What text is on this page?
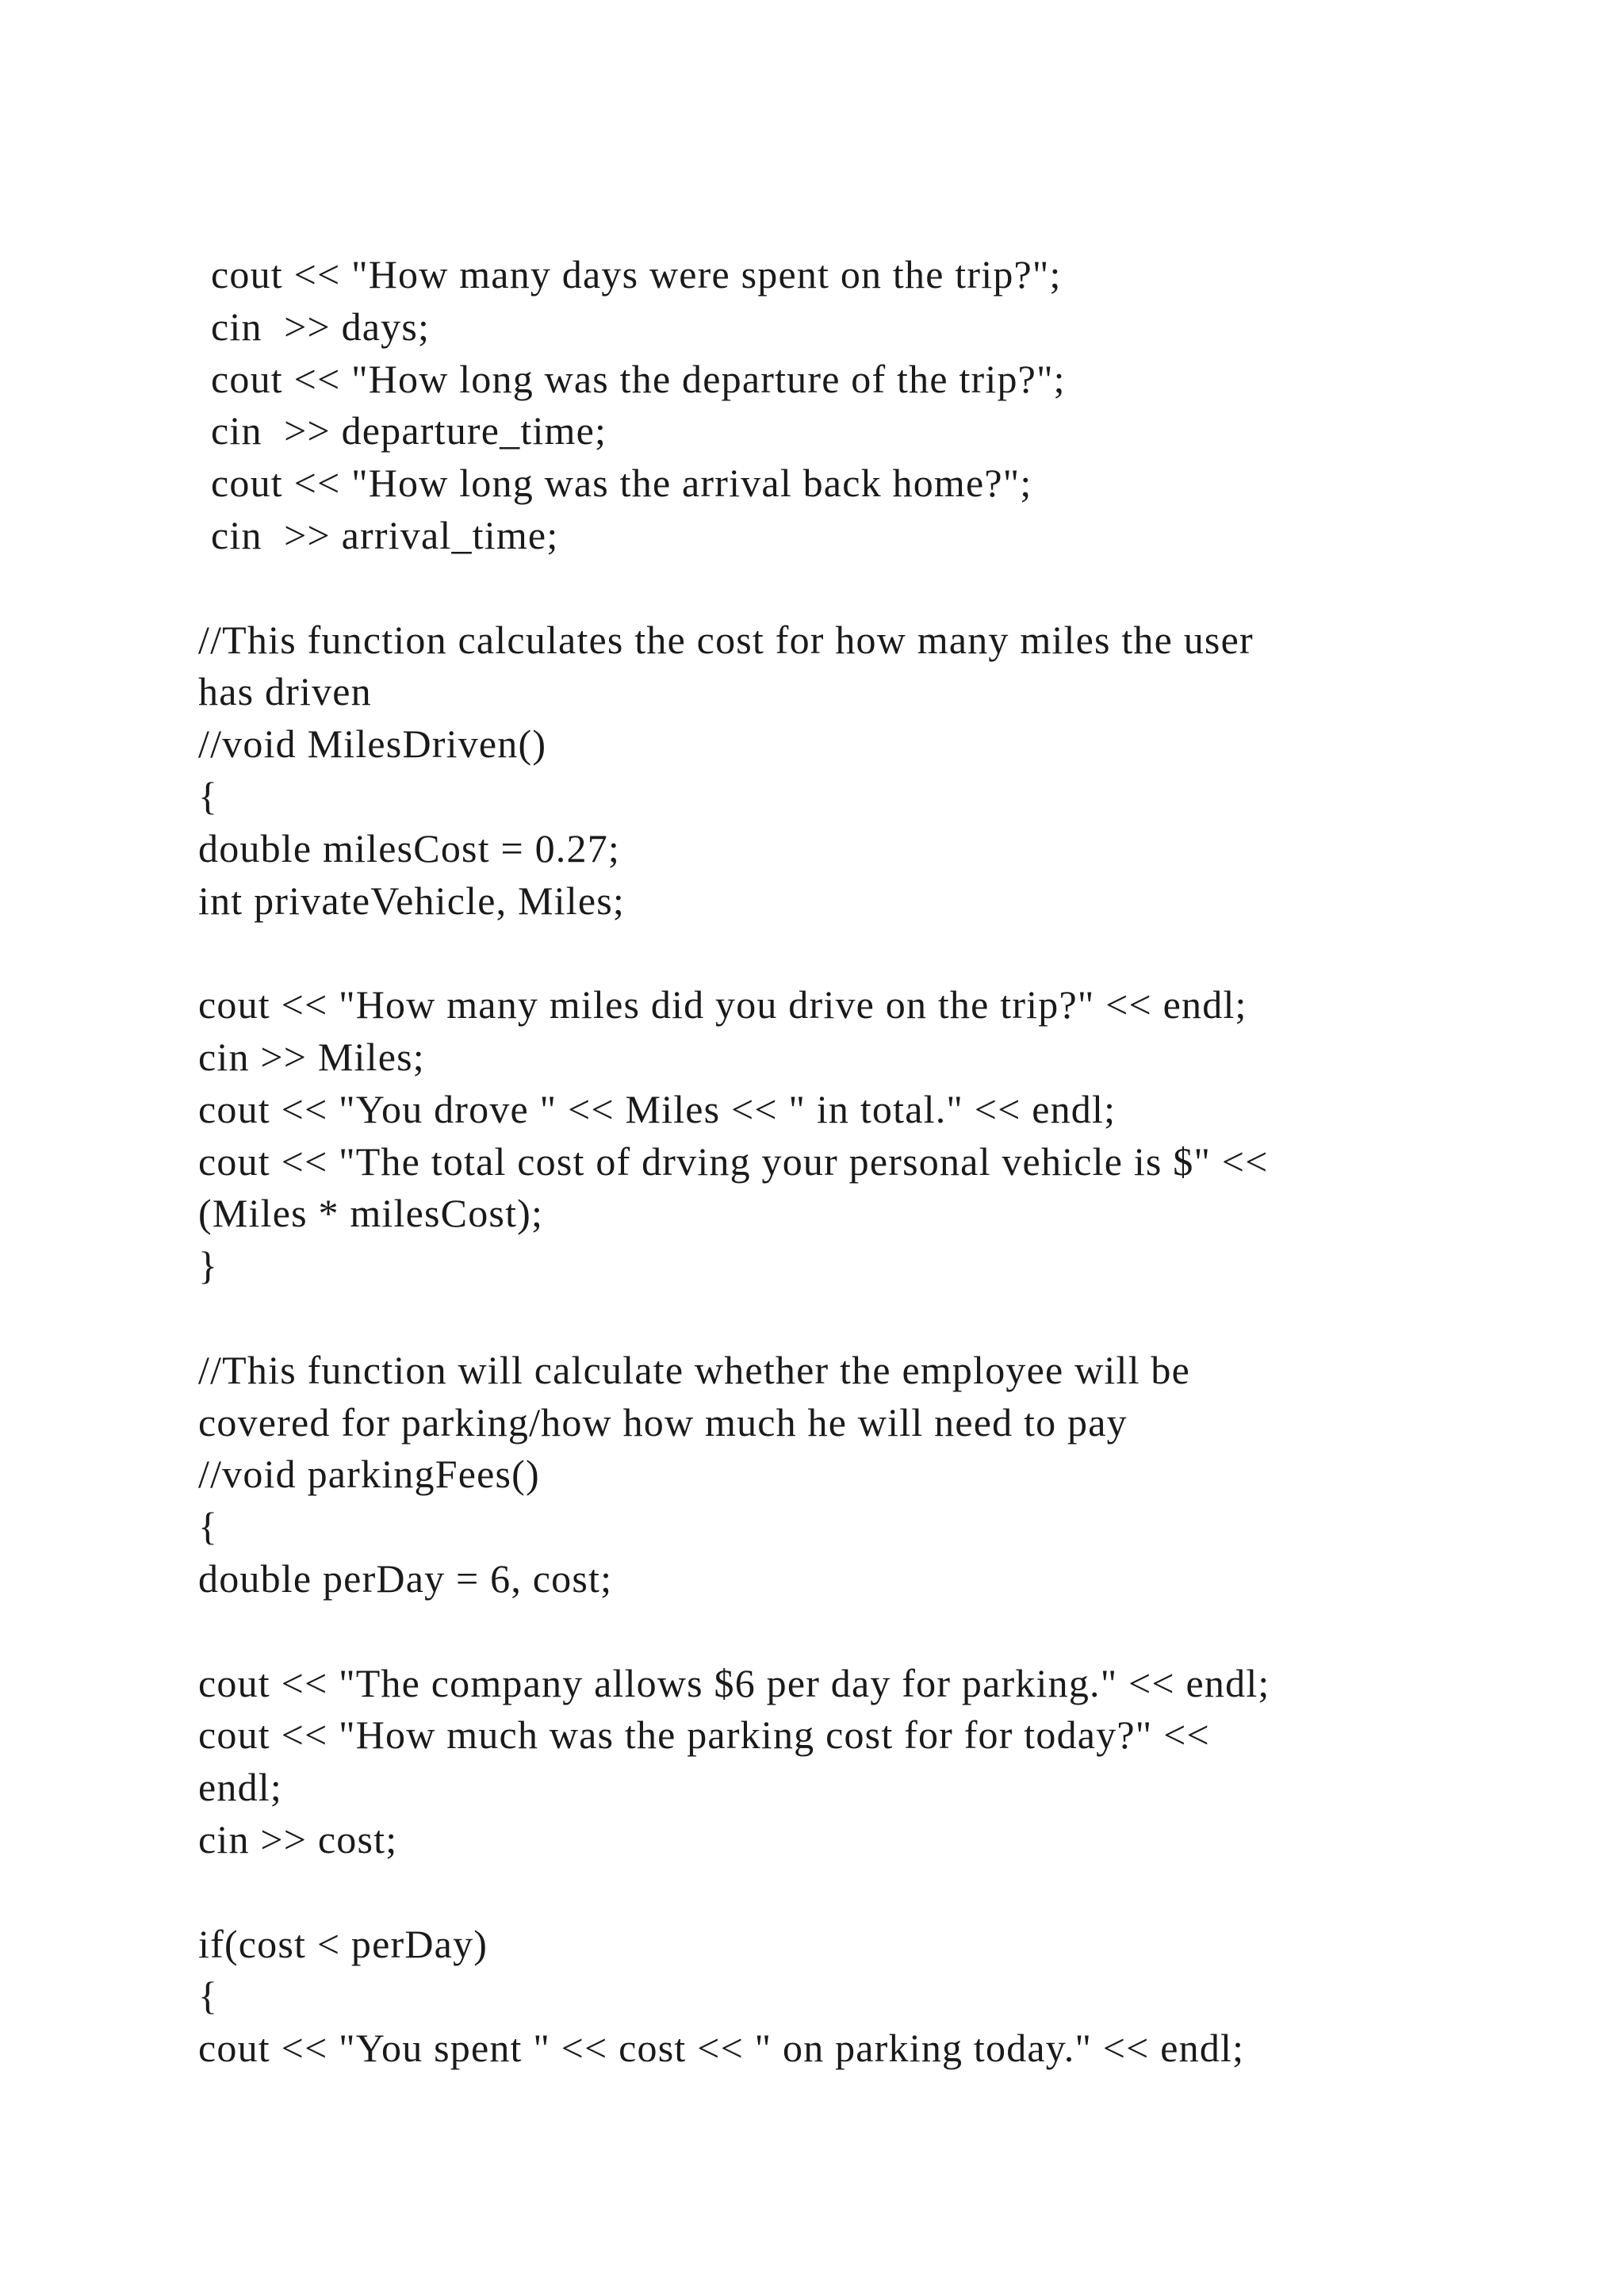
cout << "How many days were spent on the trip?";
cin  >> days;
cout << "How long was the departure of the trip?";
cin  >> departure_time;
cout << "How long was the arrival back home?";
cin  >> arrival_time;
//This function calculates the cost for how many miles the user
has driven
//void MilesDriven()
{
double milesCost = 0.27;
int privateVehicle, Miles;
cout << "How many miles did you drive on the trip?" << endl;
cin >> Miles;
cout << "You drove " << Miles << " in total." << endl;
cout << "The total cost of drving your personal vehicle is $" <<
(Miles * milesCost);
}
//This function will calculate whether the employee will be
covered for parking/how how much he will need to pay
//void parkingFees()
{
double perDay = 6, cost;
cout << "The company allows $6 per day for parking." << endl;
cout << "How much was the parking cost for for today?" <<
endl;
cin >> cost;
if(cost < perDay)
{
cout << "You spent " << cost << " on parking today." << endl;
